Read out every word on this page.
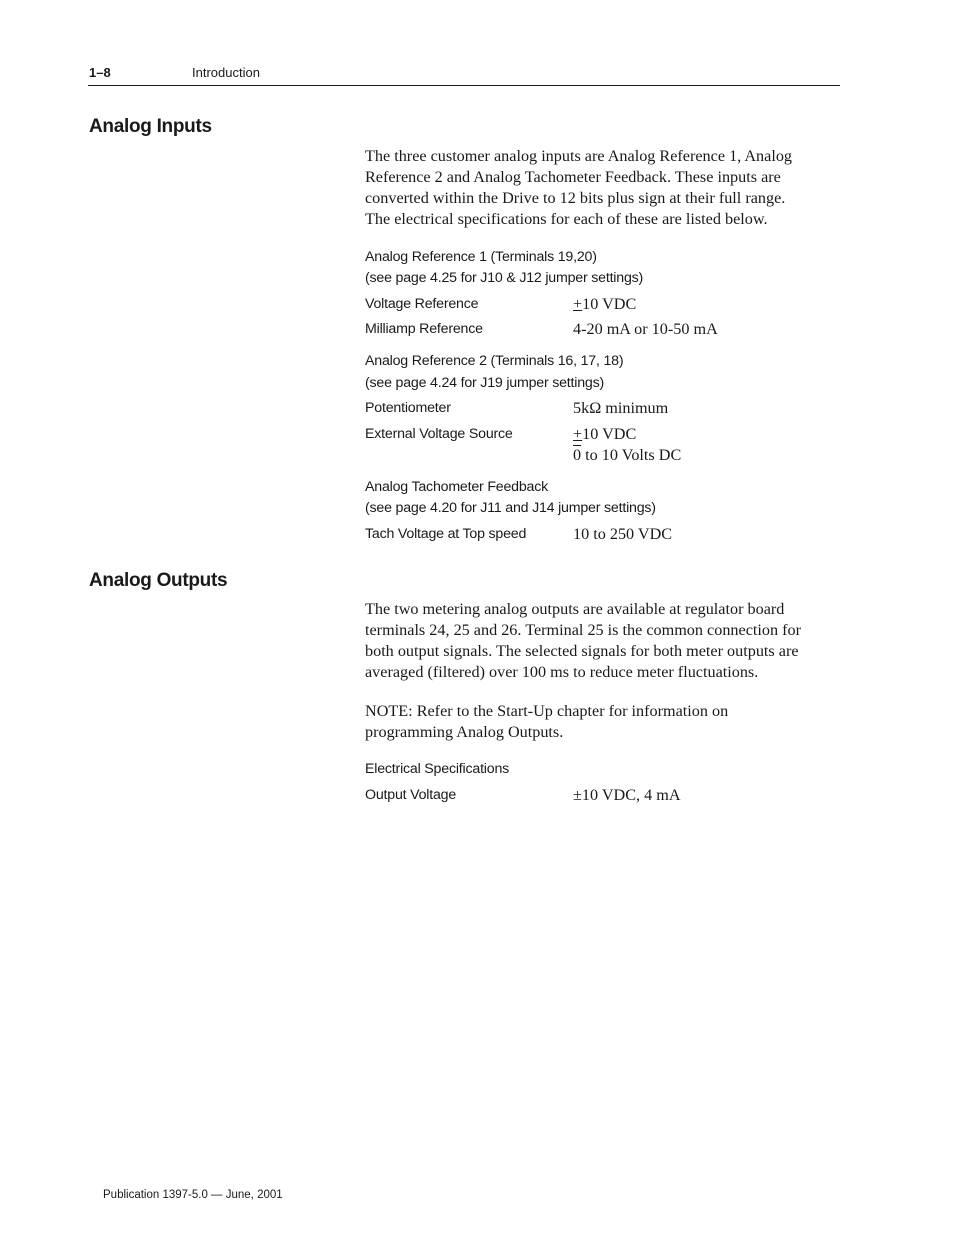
1–8	Introduction
Analog Inputs
The three customer analog inputs are Analog Reference 1, Analog
Reference 2 and Analog Tachometer Feedback. These inputs are
converted within the Drive to 12 bits plus sign at their full range.
The electrical specifications for each of these are listed below.
Analog Reference 1 (Terminals 19,20)
(see page 4.25 for J10 & J12 jumper settings)
Voltage Reference	+10 VDC
Milliamp Reference	4-20 mA or 10-50 mA
Analog Reference 2 (Terminals 16, 17, 18)
(see page 4.24 for J19 jumper settings)
Potentiometer	5kΩ minimum
External Voltage Source	+10 VDC
0 to 10 Volts DC
Analog Tachometer Feedback
(see page 4.20 for J11 and J14 jumper settings)
Tach Voltage at Top speed	10 to 250 VDC
Analog Outputs
The two metering analog outputs are available at regulator board
terminals 24, 25 and 26. Terminal 25 is the common connection for
both output signals. The selected signals for both meter outputs are
averaged (filtered) over 100 ms to reduce meter fluctuations.
NOTE: Refer to the Start-Up chapter for information on
programming Analog Outputs.
Electrical Specifications
Output Voltage	±10 VDC, 4 mA
Publication 1397-5.0 — June, 2001
